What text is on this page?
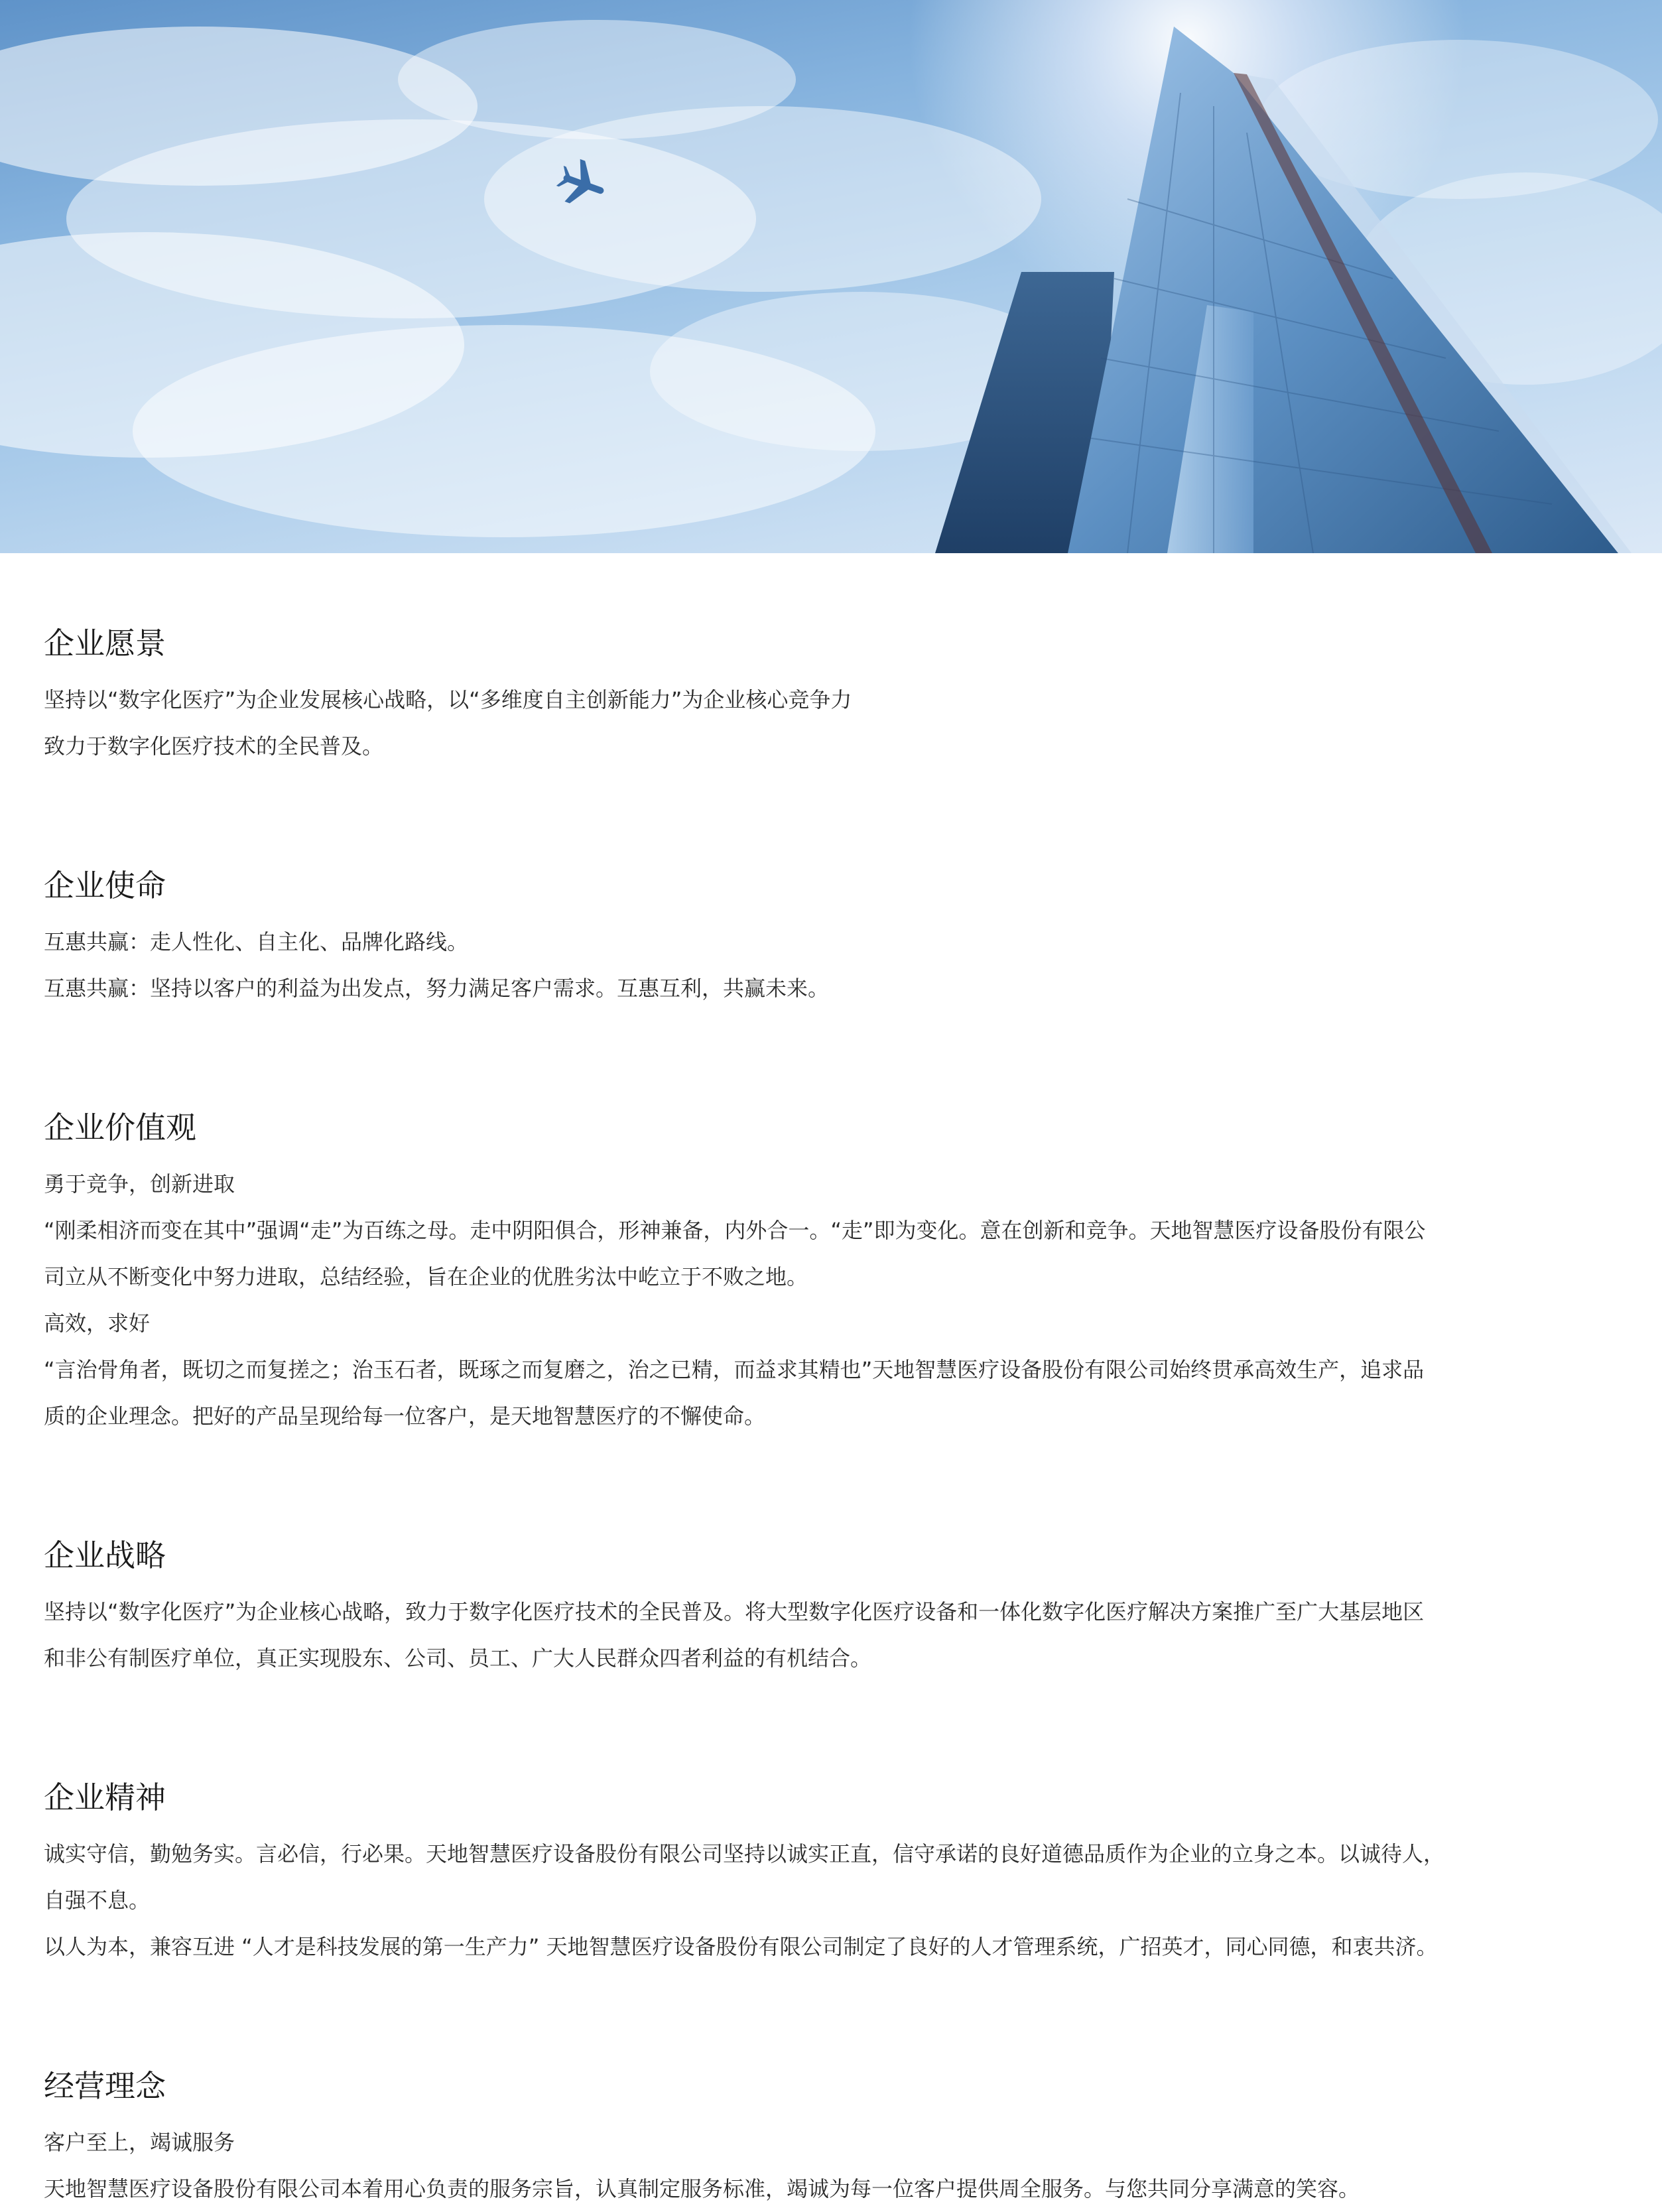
企业愿景

坚持以“数字化医疗”为企业发展核心战略，以“多维度自主创新能力”为企业核心竞争力

致力于数字化医疗技术的全民普及。

企业使命

互惠共赢：走人性化、自主化、品牌化路线。

互惠共赢：坚持以客户的利益为出发点，努力满足客户需求。互惠互利，共赢未来。

企业价值观

勇于竞争，创新进取

“刚柔相济而变在其中”强调“走”为百练之母。走中阴阳俱合，形神兼备，内外合一。“走”即为变化。意在创新和竞争。天地智慧医疗设备股份有限公

司立从不断变化中努力进取，总结经验，旨在企业的优胜劣汰中屹立于不败之地。

高效，求好

“言治骨角者，既切之而复搓之；治玉石者，既琢之而复磨之，治之已精，而益求其精也”天地智慧医疗设备股份有限公司始终贯承高效生产，追求品

质的企业理念。把好的产品呈现给每一位客户，是天地智慧医疗的不懈使命。

企业战略

坚持以“数字化医疗”为企业核心战略，致力于数字化医疗技术的全民普及。将大型数字化医疗设备和一体化数字化医疗解决方案推广至广大基层地区

和非公有制医疗单位，真正实现股东、公司、员工、广大人民群众四者利益的有机结合。

企业精神

诚实守信，勤勉务实。言必信，行必果。天地智慧医疗设备股份有限公司坚持以诚实正直，信守承诺的良好道德品质作为企业的立身之本。以诚待人，

自强不息。

以人为本，兼容互进 “人才是科技发展的第一生产力” 天地智慧医疗设备股份有限公司制定了良好的人才管理系统，广招英才，同心同德，和衷共济。

经营理念

客户至上，竭诚服务

天地智慧医疗设备股份有限公司本着用心负责的服务宗旨，认真制定服务标准，竭诚为每一位客户提供周全服务。与您共同分享满意的笑容。
